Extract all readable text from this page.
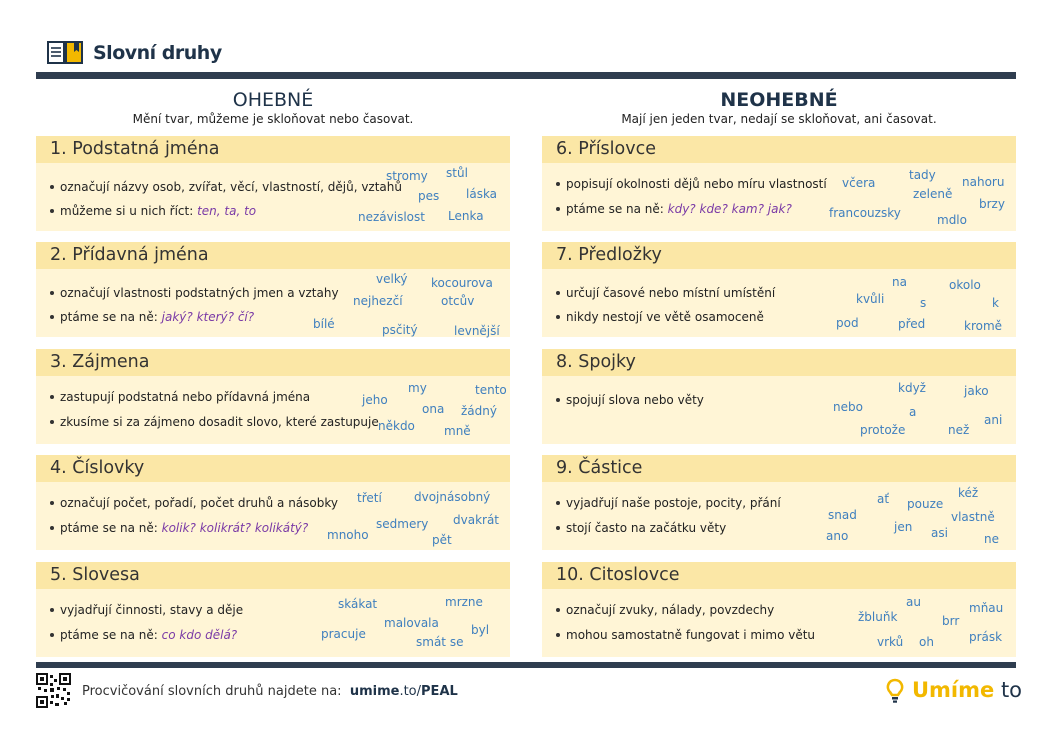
Slovní druhy
OHEBNÉ
Mění tvar, můžeme je skloňovat nebo časovat.
NEOHEBNÉ
Mají jen jeden tvar, nedají se skloňovat, ani časovat.
1. Podstatná jména
označují názvy osob, zvířat, věcí, vlastností, dějů, vztahů
můžeme si u nich říct: ten, ta, to
stromy stůl
pes láska
nezávislost Lenka
2. Přídavná jména
označují vlastnosti podstatných jmen a vztahy
ptáme se na ně: jaký? který? čí?
velký kocourova
nejhezčí	otcův
bílé	psčitý	levnější
3. Zájmena
zastupují podstatná nebo přídavná jména
zkusíme si za zájmeno dosadit slovo, které zastupuje
my	tento
jeho
ona žádný
někdo mně
4. Číslovky
označují počet, pořadí, počet druhů a násobky
ptáme se na ně: kolik? kolikrát? kolikátý?
třetí	dvojnásobný
dvakrát
sedmery
mnoho	pět
5. Slovesa
vyjadřují činnosti, stavy a děje
ptáme se na ně: co kdo dělá?
skákat	mrzne
malovala	byl
pracuje
smát se
6. Příslovce
popisují okolnosti dějů nebo míru vlastností
ptáme se na ně: kdy? kde? kam? jak?
tady
včera	nahoru
zeleně
brzy
francouzsky	mdlo
7. Předložky
určují časové nebo místní umístění
nikdy nestojí ve větě osamoceně
na	okolo
kvůli	s	k
pod	před	kromě
8. Spojky
spojují slova nebo věty
když	jako
nebo	a
ani
protože	než
9. Částice
vyjadřují naše postoje, pocity, přání
stojí často na začátku věty
kéž
ať pouze
snad	vlastně
jen
ano	asi	ne
10. Citoslovce
označují zvuky, nálady, povzdechy
mohou samostatně fungovat i mimo větu
au	mňau
žbluňk	brr
vrků oh	prásk
Procvičování slovních druhů najdete na: umime.to/PEAL	Umíme to
